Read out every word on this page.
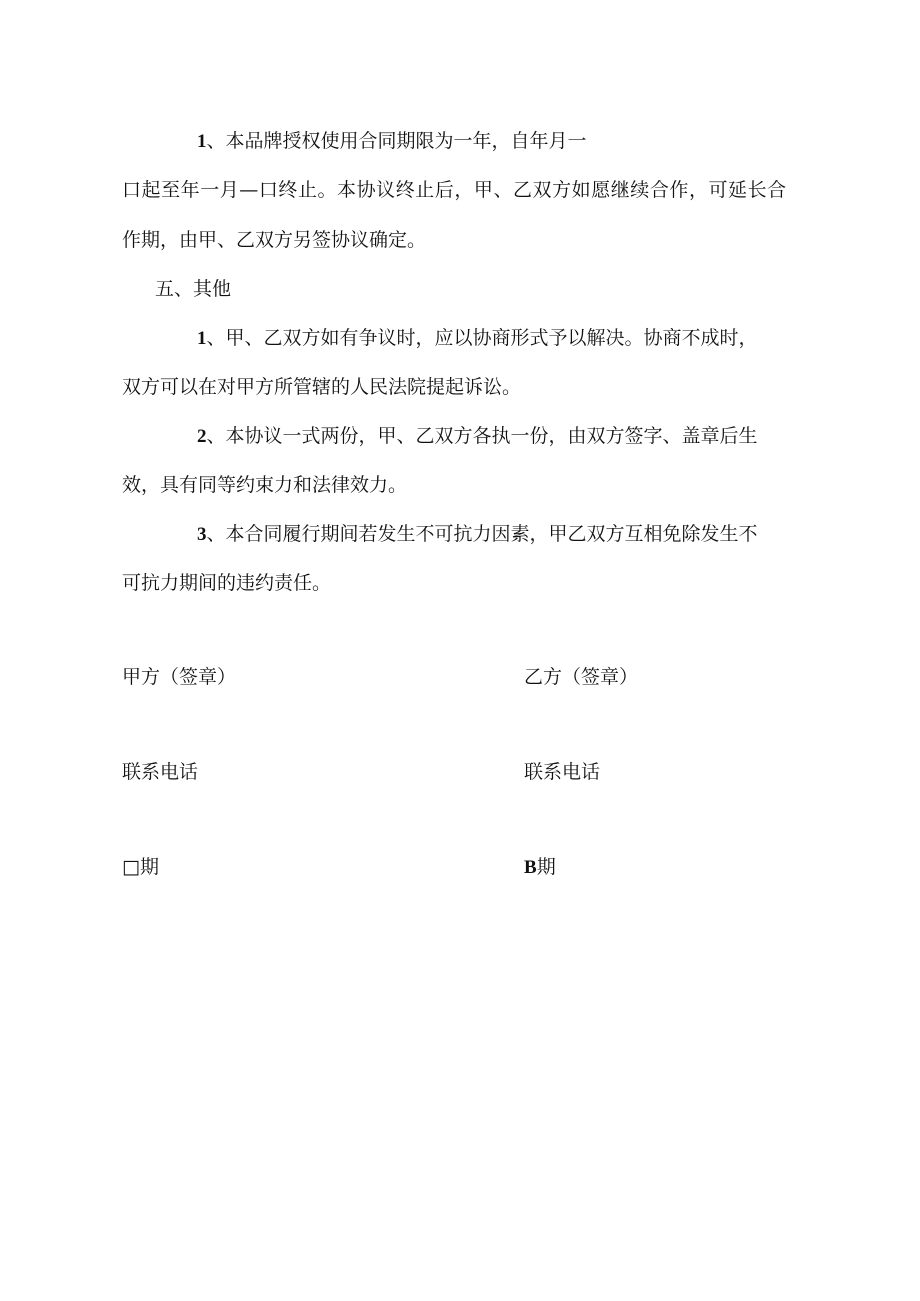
1、本品牌授权使用合同期限为一年，自年月一
口起至年一月—口终止。本协议终止后，甲、乙双方如愿继续合作，可延长合
作期，由甲、乙双方另签协议确定。
五、其他
1、甲、乙双方如有争议时，应以协商形式予以解决。协商不成时，
双方可以在对甲方所管辖的人民法院提起诉讼。
2、本协议一式两份，甲、乙双方各执一份，由双方签字、盖章后生
效，具有同等约束力和法律效力。
3、本合同履行期间若发生不可抗力因素，甲乙双方互相免除发生不
可抗力期间的违约责任。
甲方（签章）
联系电话
□期
乙方（签章）
联系电话
B期
